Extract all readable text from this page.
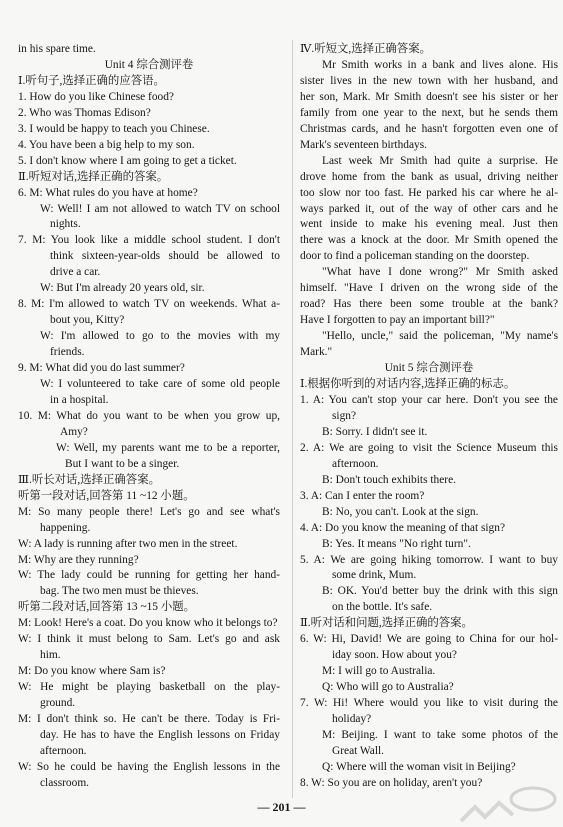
in his spare time.
Unit 4 综合测评卷
Ⅰ.听句子,选择正确的应答语。
1. How do you like Chinese food?
2. Who was Thomas Edison?
3. I would be happy to teach you Chinese.
4. You have been a big help to my son.
5. I don't know where I am going to get a ticket.
Ⅱ.听短对话,选择正确的答案。
6. M: What rules do you have at home?
W: Well! I am not allowed to watch TV on school
nights.
7. M: You look like a middle school student. I don't
think sixteen-year-olds should be allowed to
drive a car.
W: But I'm already 20 years old, sir.
8. M: I'm allowed to watch TV on weekends. What a-
bout you, Kitty?
W: I'm allowed to go to the movies with my
friends.
9. M: What did you do last summer?
W: I volunteered to take care of some old people
in a hospital.
10. M: What do you want to be when you grow up,
Amy?
W: Well, my parents want me to be a reporter,
But I want to be a singer.
Ⅲ.听长对话,选择正确答案。
听第一段对话,回答第 11 ~12 小题。
M: So many people there! Let's go and see what's
happening.
W: A lady is running after two men in the street.
M: Why are they running?
W: The lady could be running for getting her hand-
bag. The two men must be thieves.
听第二段对话,回答第 13 ~15 小题。
M: Look! Here's a coat. Do you know who it belongs to?
W: I think it must belong to Sam. Let's go and ask
him.
M: Do you know where Sam is?
W: He might be playing basketball on the play-
ground.
M: I don't think so. He can't be there. Today is Fri-
day. He has to have the English lessons on Friday
afternoon.
W: So he could be having the English lessons in the
classroom.
Ⅳ.听短文,选择正确答案。
Mr Smith works in a bank and lives alone. His
sister lives in the new town with her husband, and
her son, Mark. Mr Smith doesn't see his sister or her
family from one year to the next, but he sends them
Christmas cards, and he hasn't forgotten even one of
Mark's seventeen birthdays.
Last week Mr Smith had quite a surprise. He
drove home from the bank as usual, driving neither
too slow nor too fast. He parked his car where he al-
ways parked it, out of the way of other cars and he
went inside to make his evening meal. Just then
there was a knock at the door. Mr Smith opened the
door to find a policeman standing on the doorstep.
"What have I done wrong?" Mr Smith asked
himself. "Have I driven on the wrong side of the
road? Has there been some trouble at the bank?
Have I forgotten to pay an important bill?"
"Hello, uncle," said the policeman, "My name's
Mark."
Unit 5 综合测评卷
Ⅰ.根据你听到的对话内容,选择正确的标志。
1. A: You can't stop your car here. Don't you see the
sign?
B: Sorry. I didn't see it.
2. A: We are going to visit the Science Museum this
afternoon.
B: Don't touch exhibits there.
3. A: Can I enter the room?
B: No, you can't. Look at the sign.
4. A: Do you know the meaning of that sign?
B: Yes. It means "No right turn".
5. A: We are going hiking tomorrow. I want to buy
some drink, Mum.
B: OK. You'd better buy the drink with this sign
on the bottle. It's safe.
Ⅱ.听对话和问题,选择正确的答案。
6. W: Hi, David! We are going to China for our hol-
iday soon. How about you?
M: I will go to Australia.
Q: Who will go to Australia?
7. W: Hi! Where would you like to visit during the
holiday?
M: Beijing. I want to take some photos of the
Great Wall.
Q: Where will the woman visit in Beijing?
8. W: So you are on holiday, aren't you?
— 201 —
